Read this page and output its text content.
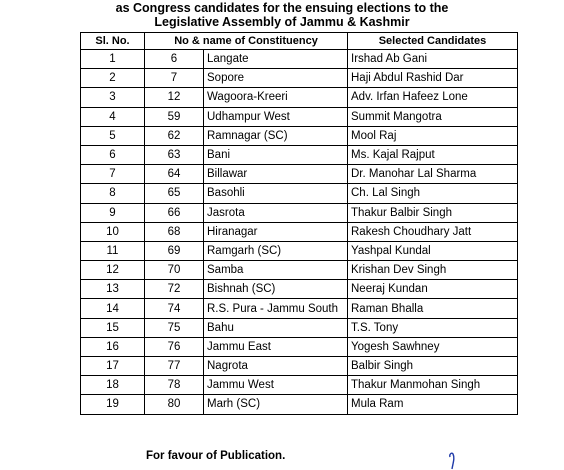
as Congress candidates for the ensuing elections to the
Legislative Assembly of Jammu & Kashmir
Sl. No.	No & name of Constituency		Selected Candidates
1	6	Langate	Irshad Ab Gani
2	7	Sopore	Haji Abdul Rashid Dar
3	12	Wagoora-Kreeri	Adv. Irfan Hafeez Lone
4	59	Udhampur West	Summit Mangotra
5	62	Ramnagar (SC)	Mool Raj
6	63	Bani	Ms. Kajal Rajput
7	64	Billawar	Dr. Manohar Lal Sharma
8	65	Basohli	Ch. Lal Singh
9	66	Jasrota	Thakur Balbir Singh
10	68	Hiranagar	Rakesh Choudhary Jatt
11	69	Ramgarh (SC)	Yashpal Kundal
12	70	Samba	Krishan Dev Singh
13	72	Bishnah (SC)	Neeraj Kundan
14	74	R.S. Pura - Jammu South	Raman Bhalla
15	75	Bahu	T.S. Tony
16	76	Jammu East	Yogesh Sawhney
17	77	Nagrota	Balbir Singh
18	78	Jammu West	Thakur Manmohan Singh
19	80	Marh (SC)	Mula Ram
For favour of Publication.
